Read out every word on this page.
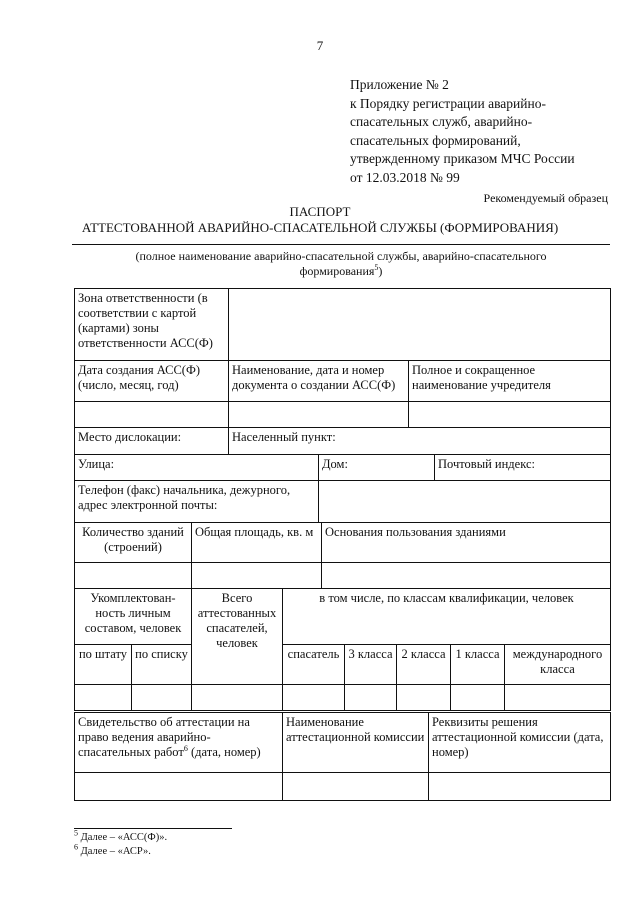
7
Приложение № 2
к Порядку регистрации аварийно-
спасательных служб, аварийно-
спасательных формирований,
утвержденному приказом МЧС России
от 12.03.2018 № 99
Рекомендуемый образец
ПАСПОРТ
АТТЕСТОВАННОЙ АВАРИЙНО-СПАСАТЕЛЬНОЙ СЛУЖБЫ (ФОРМИРОВАНИЯ)
(полное наименование аварийно-спасательной службы, аварийно-спасательного
формирования$^5$)
Зона ответственности (в соответствии с картой (картами) зоны ответственности АСС(Ф)		
Дата создания АСС(Ф) (число, месяц, год)	Наименование, дата и номер документа о создании АСС(Ф)	Полное и сокращенное наименование учредителя

Место дислокации:	Населенный пункт:	
Улица:	Дом:	Почтовый индекс:
Телефон (факс) начальника, дежурного, адрес электронной почты:		
Количество зданий (строений)	Общая площадь, кв. м	Основания пользования зданиями

Укомплектован-ность личным составом, человек		Всего аттестованных спасателей, человек	в том числе, по классам квалификации, человек				
по штату	по списку		спасатель	3 класса	2 класса	1 класса	международного класса

Свидетельство об аттестации на право ведения аварийно-спасательных работ$^6$ (дата, номер)	Наименование аттестационной комиссии	Реквизиты решения аттестационной комиссии (дата, номер)

$^5$ Далее – «АСС(Ф)».
$^6$ Далее – «АСР».
